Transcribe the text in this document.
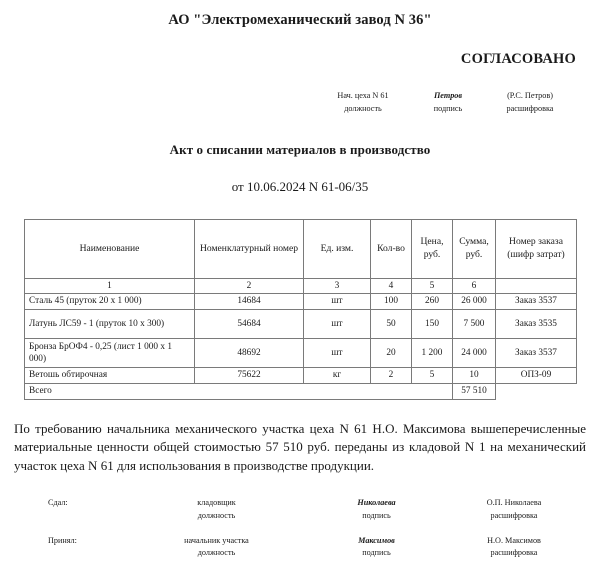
АО "Электромеханический завод N 36"
СОГЛАСОВАНО
Нач. цеха N 61
должность
Петров
подпись
(Р.С. Петров)
расшифровка
Акт о списании материалов в производство
от 10.06.2024 N 61-06/35
Наименование	Номенклатурный номер	Ед. изм.	Кол-во	Цена, руб.	Сумма, руб.	Номер заказа (шифр затрат)
1	2	3	4	5	6	
Сталь 45 (пруток 20 х 1 000)	14684	шт	100	260	26 000	Заказ 3537
Латунь ЛС59 - 1 (пруток 10 х 300)	54684	шт	50	150	7 500	Заказ 3535
Бронза БрОФ4 - 0,25 (лист 1 000 х 1 000)	48692	шт	20	1 200	24 000	Заказ 3537
Ветошь обтирочная	75622	кг	2	5	10	ОПЗ-09
Всего					57 510	
По требованию начальника механического участка цеха N 61 Н.О. Максимова вышеперечисленные материальные ценности общей стоимостью 57 510 руб. переданы из кладовой N 1 на механический участок цеха N 61 для использования в производстве продукции.
Сдал:	кладовщик
должность
Николаева
подпись
О.П. Николаева
расшифровка
Принял:	начальник участка
должность
Максимов
подпись
Н.О. Максимов
расшифровка
